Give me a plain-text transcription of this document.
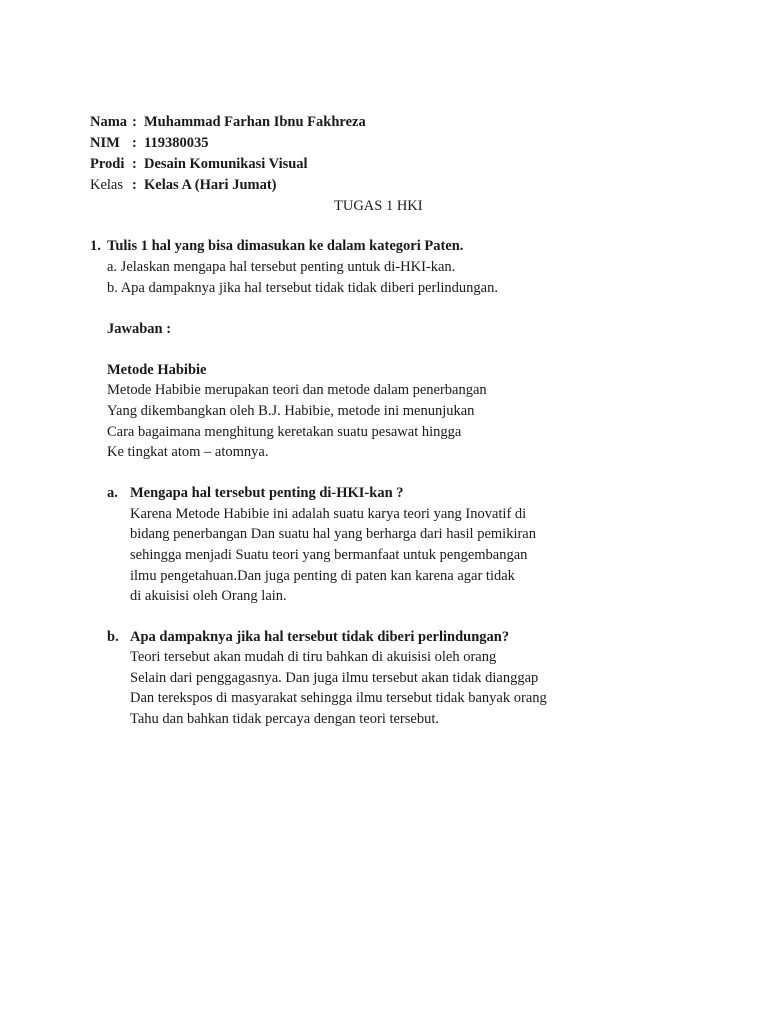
Nama : Muhammad Farhan Ibnu Fakhreza
NIM : 119380035
Prodi : Desain Komunikasi Visual
Kelas : Kelas A (Hari Jumat)
TUGAS 1 HKI
1. Tulis 1 hal yang bisa dimasukan ke dalam kategori Paten.
a. Jelaskan mengapa hal tersebut penting untuk di-HKI-kan.
b. Apa dampaknya jika hal tersebut tidak tidak diberi perlindungan.
Jawaban :
Metode Habibie
Metode Habibie merupakan teori dan metode dalam penerbangan
Yang dikembangkan oleh B.J. Habibie, metode ini menunjukan
Cara bagaimana menghitung keretakan suatu pesawat hingga
Ke tingkat atom – atomnya.
a. Mengapa hal tersebut penting di-HKI-kan ?
Karena Metode Habibie ini adalah suatu karya teori yang Inovatif di
bidang penerbangan Dan suatu hal yang berharga dari hasil pemikiran
sehingga menjadi Suatu teori yang bermanfaat untuk pengembangan
ilmu pengetahuan.Dan juga penting di paten kan karena agar tidak
di akuisisi oleh Orang lain.
b. Apa dampaknya jika hal tersebut tidak diberi perlindungan?
Teori tersebut akan mudah di tiru bahkan di akuisisi oleh orang
Selain dari penggagasnya. Dan juga ilmu tersebut akan tidak dianggap
Dan terekspos di masyarakat sehingga ilmu tersebut tidak banyak orang
Tahu dan bahkan tidak percaya dengan teori tersebut.
